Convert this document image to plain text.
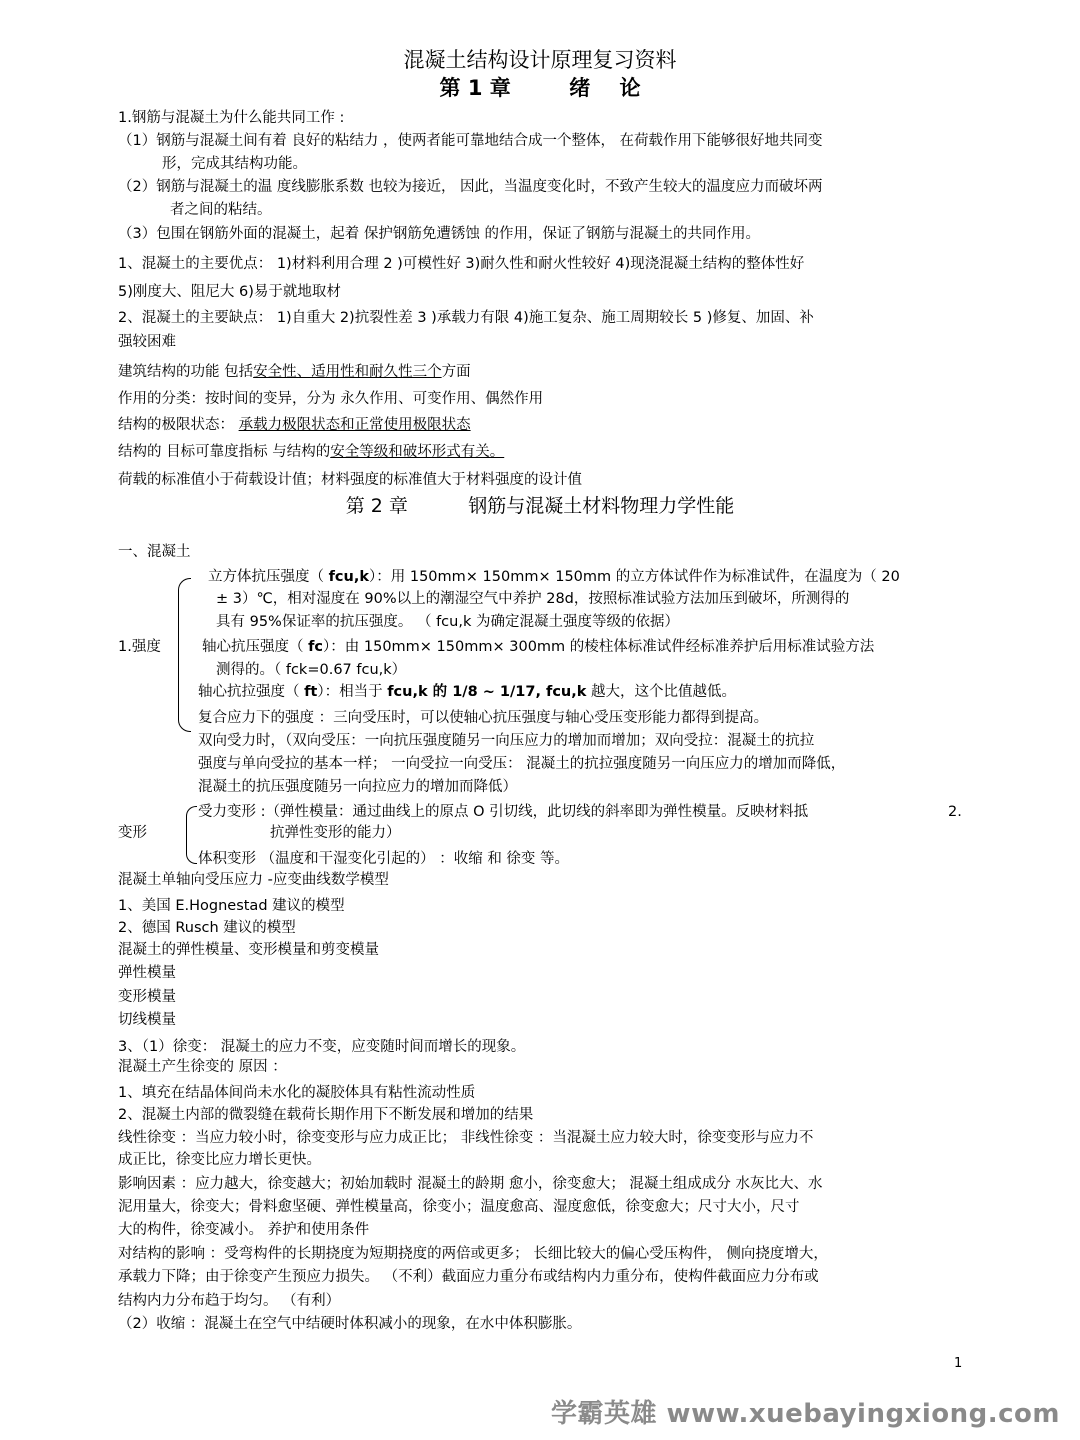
混凝土结构设计原理复习资料
第 1 章        绪    论
1.钢筋与混凝土为什么能共同工作 :
（1）钢筋与混凝土间有着 良好的粘结力 ，使两者能可靠地结合成一个整体， 在荷载作用下能够很好地共同变
形，完成其结构功能。
（2）钢筋与混凝土的温 度线膨胀系数 也较为接近， 因此，当温度变化时，不致产生较大的温度应力而破坏两
者之间的粘结。
（3）包围在钢筋外面的混凝土，起着 保护钢筋免遭锈蚀 的作用，保证了钢筋与混凝土的共同作用。
1、混凝土的主要优点： 1)材料利用合理 2 )可模性好 3)耐久性和耐火性较好 4)现浇混凝土结构的整体性好
5)刚度大、阻尼大 6)易于就地取材
2、混凝土的主要缺点： 1)自重大 2)抗裂性差 3 )承载力有限 4)施工复杂、施工周期较长 5 )修复、加固、补
强较困难
建筑结构的功能 包括安全性、适用性和耐久性三个方面
作用的分类：按时间的变异，分为 永久作用、可变作用、偶然作用
结构的极限状态： 承载力极限状态和正常使用极限状态
结构的 目标可靠度指标 与结构的安全等级和破坏形式有关。
荷载的标准值小于荷载设计值；材料强度的标准值大于材料强度的设计值
第 2 章          钢筋与混凝土材料物理力学性能
一、混凝土
1.强度
立方体抗压强度（ fcu,k）：用 150mm× 150mm× 150mm 的立方体试件作为标准试件，在温度为（ 20
± 3）℃，相对湿度在 90%以上的潮湿空气中养护 28d，按照标准试验方法加压到破坏，所测得的
具有 95%保证率的抗压强度。 （ fcu,k 为确定混凝土强度等级的依据）
轴心抗压强度（ fc）：由 150mm× 150mm× 300mm 的棱柱体标准试件经标准养护后用标准试验方法
测得的。（ fck=0.67 fcu,k）
轴心抗拉强度（ ft）：相当于 fcu,k 的 1/8 ~ 1/17, fcu,k 越大，这个比值越低。
复合应力下的强度 ：三向受压时，可以使轴心抗压强度与轴心受压变形能力都得到提高。
双向受力时，（双向受压：一向抗压强度随另一向压应力的增加而增加；双向受拉：混凝土的抗拉
强度与单向受拉的基本一样； 一向受拉一向受压： 混凝土的抗拉强度随另一向压应力的增加而降低，
混凝土的抗压强度随另一向拉应力的增加而降低）
变形
受力变形 :（弹性模量：通过曲线上的原点 O 引切线，此切线的斜率即为弹性模量。反映材料抵	2.
抗弹性变形的能力）
体积变形 （温度和干湿变化引起的） ：收缩 和 徐变 等。
混凝土单轴向受压应力 -应变曲线数学模型
1、美国 E.Hognestad 建议的模型
2、德国 Rusch 建议的模型
混凝土的弹性模量、变形模量和剪变模量
弹性模量
变形模量
切线模量
3、（1）徐变： 混凝土的应力不变，应变随时间而增长的现象。
混凝土产生徐变的 原因 ：
1、填充在结晶体间尚未水化的凝胶体具有粘性流动性质
2、混凝土内部的微裂缝在载荷长期作用下不断发展和增加的结果
线性徐变 ：当应力较小时，徐变变形与应力成正比； 非线性徐变 ：当混凝土应力较大时，徐变变形与应力不
成正比，徐变比应力增长更快。
影响因素 ：应力越大，徐变越大；初始加载时 混凝土的龄期 愈小，徐变愈大； 混凝土组成成分 水灰比大、水
泥用量大，徐变大；骨料愈坚硬、弹性模量高，徐变小；温度愈高、湿度愈低，徐变愈大；尺寸大小，尺寸
大的构件，徐变减小。 养护和使用条件
对结构的影响 ：受弯构件的长期挠度为短期挠度的两倍或更多； 长细比较大的偏心受压构件， 侧向挠度增大，
承载力下降；由于徐变产生预应力损失。 （不利）截面应力重分布或结构内力重分布，使构件截面应力分布或
结构内力分布趋于均匀。 （有利）
（2）收缩 ：混凝土在空气中结硬时体积减小的现象，在水中体积膨胀。
1
学霸英雄 www.xuebayingxiong.com
